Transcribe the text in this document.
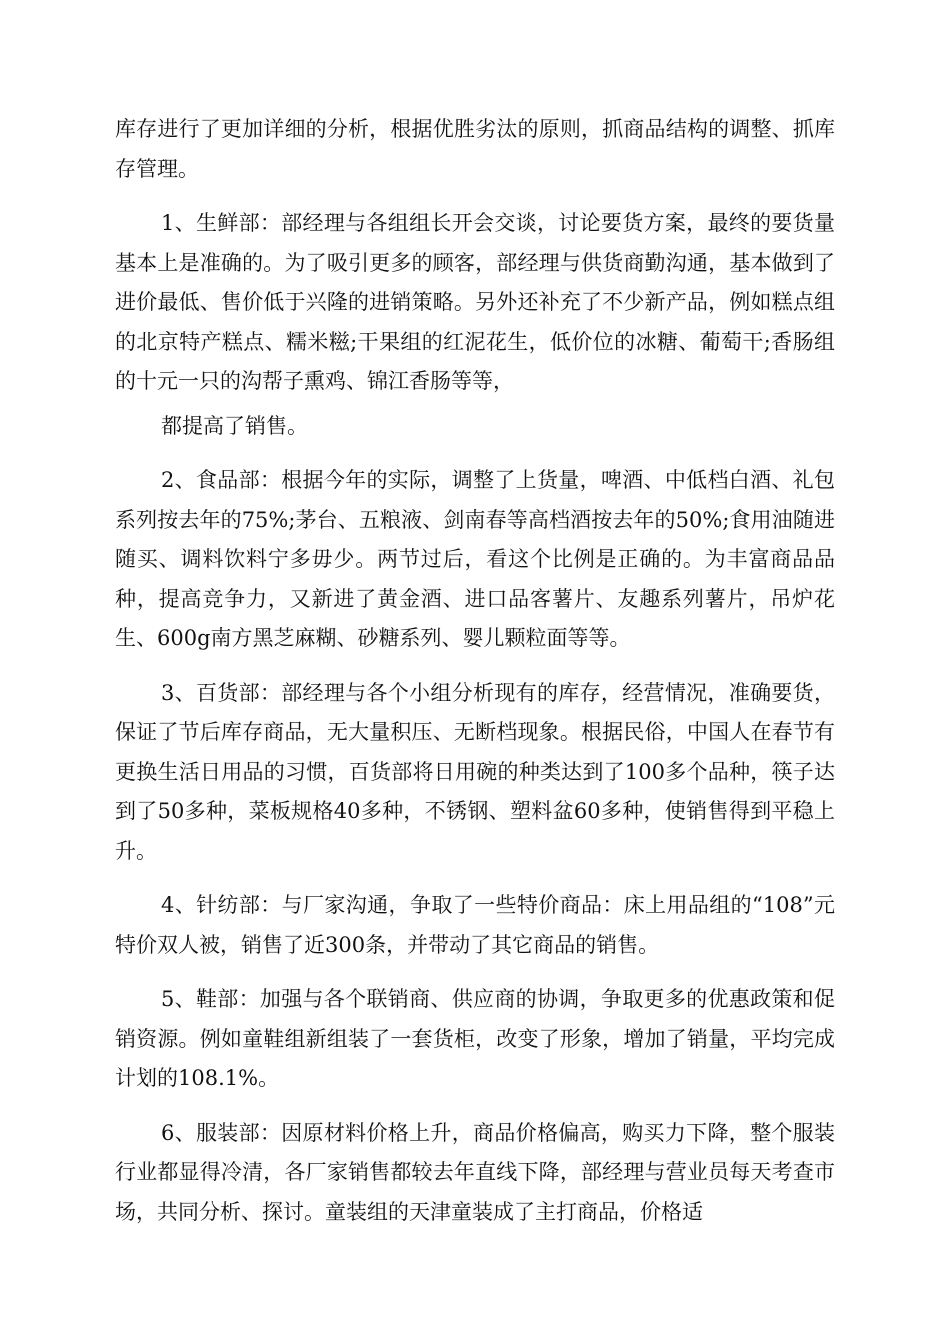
库存进行了更加详细的分析，根据优胜劣汰的原则，抓商品结构的调整、抓库存管理。

1、生鲜部：部经理与各组组长开会交谈，讨论要货方案，最终的要货量基本上是准确的。为了吸引更多的顾客，部经理与供货商勤沟通，基本做到了进价最低、售价低于兴隆的进销策略。另外还补充了不少新产品，例如糕点组的北京特产糕点、糯米糍;干果组的红泥花生，低价位的冰糖、葡萄干;香肠组的十元一只的沟帮子熏鸡、锦江香肠等等，

都提高了销售。

2、食品部：根据今年的实际，调整了上货量，啤酒、中低档白酒、礼包系列按去年的75%;茅台、五粮液、剑南春等高档酒按去年的50%;食用油随进随买、调料饮料宁多毋少。两节过后，看这个比例是正确的。为丰富商品品种，提高竞争力，又新进了黄金酒、进口品客薯片、友趣系列薯片，吊炉花生、600g南方黑芝麻糊、砂糖系列、婴儿颗粒面等等。

3、百货部：部经理与各个小组分析现有的库存，经营情况，准确要货，保证了节后库存商品，无大量积压、无断档现象。根据民俗，中国人在春节有更换生活日用品的习惯，百货部将日用碗的种类达到了100多个品种，筷子达到了50多种，菜板规格40多种，不锈钢、塑料盆60多种，使销售得到平稳上升。

4、针纺部：与厂家沟通，争取了一些特价商品：床上用品组的“108”元特价双人被，销售了近300条，并带动了其它商品的销售。

5、鞋部：加强与各个联销商、供应商的协调，争取更多的优惠政策和促销资源。例如童鞋组新组装了一套货柜，改变了形象，增加了销量，平均完成计划的108.1%。

6、服装部：因原材料价格上升，商品价格偏高，购买力下降，整个服装行业都显得冷清，各厂家销售都较去年直线下降，部经理与营业员每天考查市场，共同分析、探讨。童装组的天津童装成了主打商品，价格适
